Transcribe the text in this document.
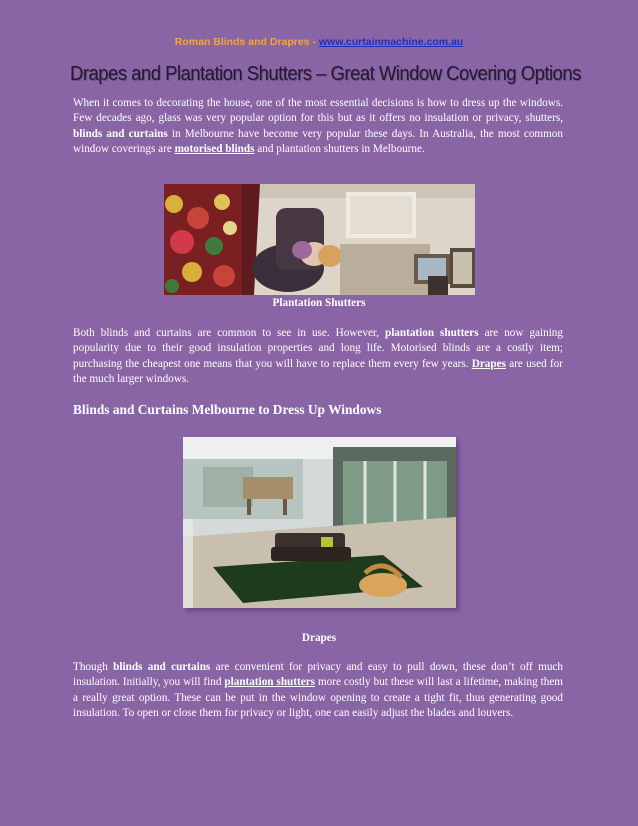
Roman Blinds and Drapres - www.curtainmachine.com.au
Drapes and Plantation Shutters – Great Window Covering Options

When it comes to decorating the house, one of the most essential decisions is how to dress up the windows. Few decades ago, glass was very popular option for this but as it offers no insulation or privacy, shutters, blinds and curtains in Melbourne have become very popular these days. In Australia, the most common window coverings are motorised blinds and plantation shutters in Melbourne.

Plantation Shutters

Both blinds and curtains are common to see in use. However, plantation shutters are now gaining popularity due to their good insulation properties and long life. Motorised blinds are a costly item; purchasing the cheapest one means that you will have to replace them every few years. Drapes are used for the much larger windows.

Blinds and Curtains Melbourne to Dress Up Windows
Drapes

Though blinds and curtains are convenient for privacy and easy to pull down, these don’t off much insulation. Initially, you will find plantation shutters more costly but these will last a lifetime, making them a really great option. These can be put in the window opening to create a tight fit, thus generating good insulation. To open or close them for privacy or light, one can easily adjust the blades and louvers.
